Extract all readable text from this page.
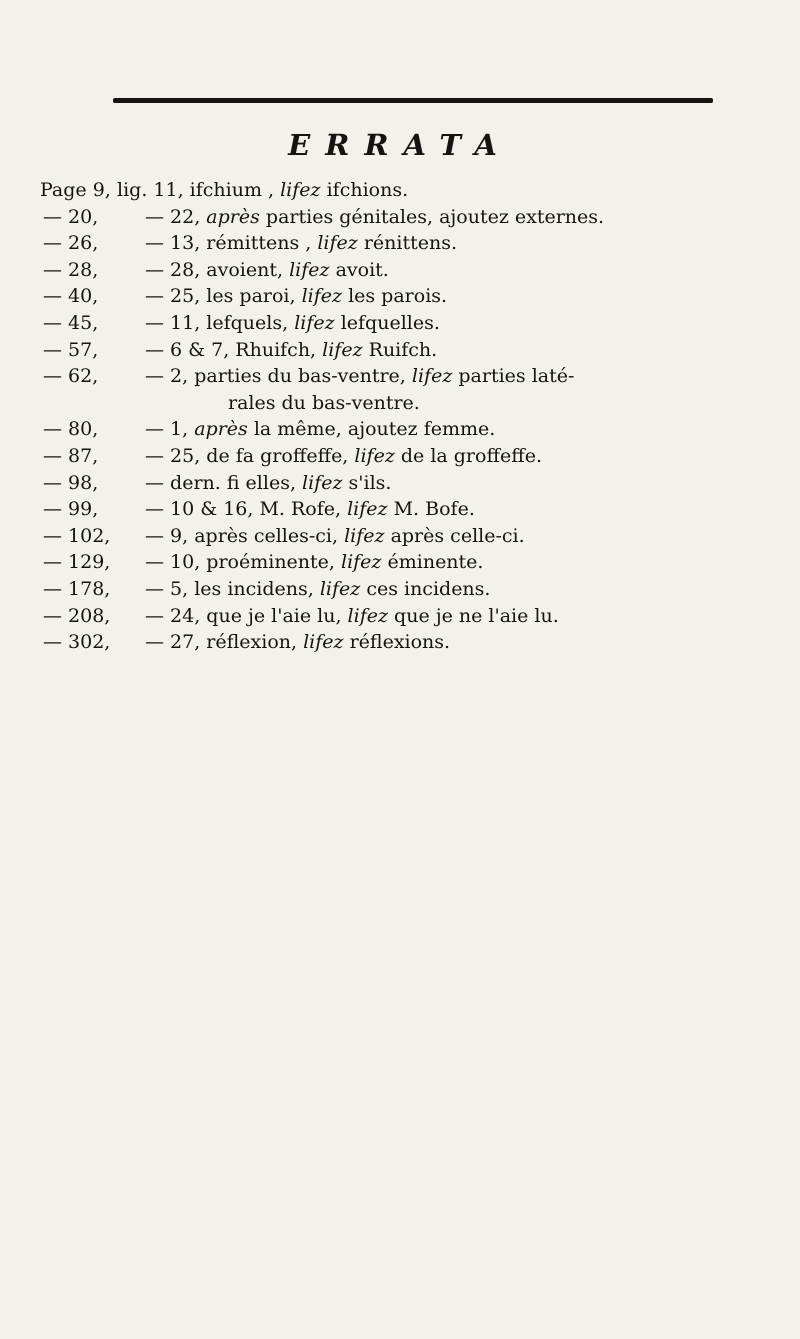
ERRATA
Page 9, lig. 11, ifchium , lifez ifchions.
— 20, — 22, après parties génitales, ajoutez externes.
— 26, — 13, rémittens , lifez rénittens.
— 28, — 28, avoient, lifez avoit.
— 40, — 25, les paroi, lifez les parois.
— 45, — 11, lefquels, lifez lefquelles.
— 57, — 6 & 7, Rhuifch, lifez Ruifch.
— 62, — 2, parties du bas-ventre, lifez parties laté-
rales du bas-ventre.
— 80, — 1, après la même, ajoutez femme.
— 87, — 25, de fa groffeffe, lifez de la groffeffe.
— 98, — dern. fi elles, lifez s'ils.
— 99, — 10 & 16, M. Rofe, lifez M. Bofe.
— 102, — 9, après celles-ci, lifez après celle-ci.
— 129, — 10, proéminente, lifez éminente.
— 178, — 5, les incidens, lifez ces incidens.
— 208, — 24, que je l'aie lu, lifez que je ne l'aie lu.
— 302, — 27, réflexion, lifez réflexions.
